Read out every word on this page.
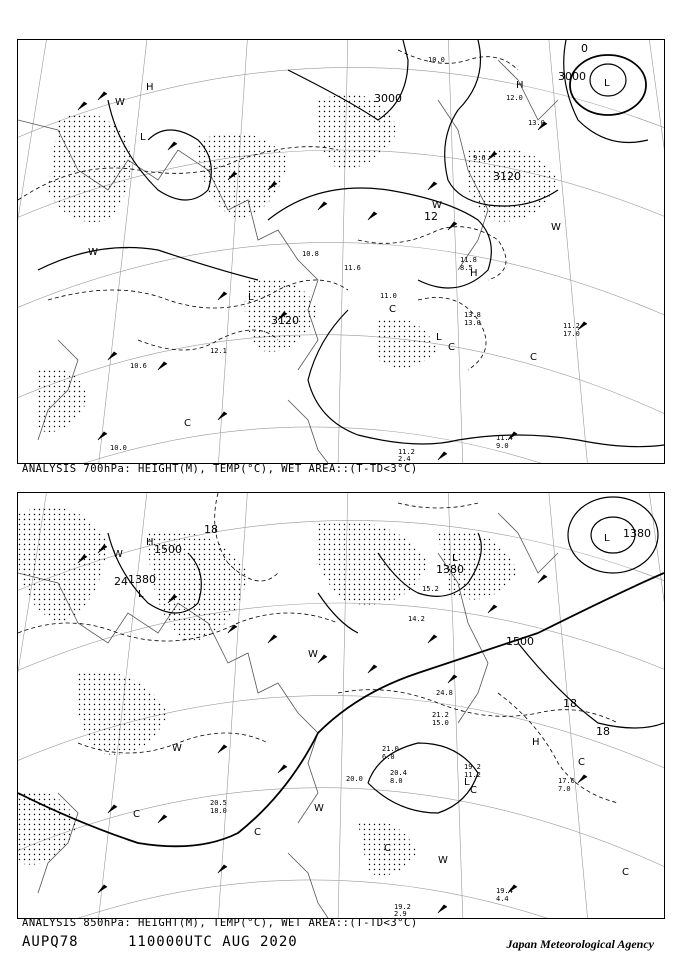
3000
3000
3120
3120
12
0
H
L
L
H
L
H
L
W
W
W
C
C
C
C
W
10.0
12.0
13.0
9.6
11.6
11.2
17.0
11.4
9.0
11.2
2.4
10.6
10.0
13.8
13.0
11.0
12.1
11.8
8.5
10.8
ANALYSIS 700hPa: HEIGHT(M), TEMP(°C), WET AREA::(T-TD<3°C)
1500
1380
1380
1380
1500
18
18
18
24
H
L
L
L
H
L
W
W
W
W
W
C
C
C
C
C
C
19.2
2.9
19.4
4.4
20.4
8.0
21.2
15.0
17.6
7.0
24.8
21.0
6.0
20.5
18.0
19.2
11.2
20.0
14.2
15.2
ANALYSIS 850hPa: HEIGHT(M), TEMP(°C), WET AREA::(T-TD<3°C)
AUPQ78	110000UTC AUG 2020	Japan Meteorological Agency
